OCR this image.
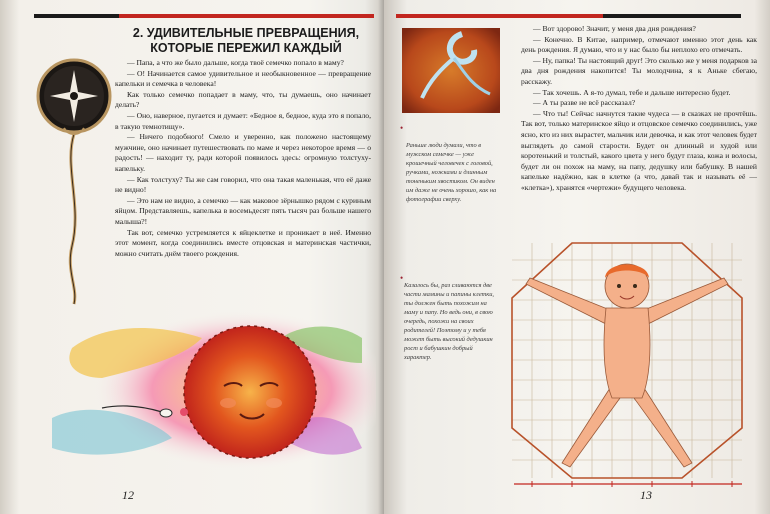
2. УДИВИТЕЛЬНЫЕ ПРЕВРАЩЕНИЯ, КОТОРЫЕ ПЕРЕЖИЛ КАЖДЫЙ

— Папа, а что же было дальше, когда твоё семечко попало в маму?

— О! Начинается самое удивительное и необыкновенное — превращение капельки и семечка в человека!

Как только семечко попадает в маму, что, ты думаешь, оно начинает делать?

— Оно, наверное, пугается и думает: «Бедное я, бедное, куда это я попало, в такую темнотищу».

— Ничего подобного! Смело и уверенно, как положено настоящему мужчине, оно начинает путешествовать по маме и через некоторое время — о радость! — находит ту, ради которой появилось здесь: огромную толстуху-капельку.

— Как толстуху? Ты же сам говорил, что она такая маленькая, что её даже не видно!

— Это нам не видно, а семечко — как маковое зёрнышко рядом с куриным яйцом. Представляешь, капелька в восемьдесят пять тысяч раз больше нашего малыша?!

Так вот, семечко устремляется к яйцеклетке и проникает в неё. Именно этот момент, когда соединились вместе отцовская и материнская частички, можно считать днём твоего рождения.

12
•
Раньше люди думали, что в мужском семечке — уже крошечный человечек с головой, ручками, ножками и длинным тоненьким хвостиком. Он виден им даже не очень хорошо, как на фотографии сверху.
•
Казалось бы, раз сливаются две части мамины и папины клетки, ты должен быть похожим на маму и папу. Но ведь они, в свою очередь, похожи на своих родителей! Поэтому и у тебя может быть высокий дедушкин рост и бабушкин добрый характер.

— Вот здорово! Значит, у меня два дня рождения?

— Конечно. В Китае, например, отмечают именно этот день как день рождения. Я думаю, что и у нас было бы неплохо его отмечать.

— Ну, папка! Ты настоящий друг! Это сколько же у меня подарков за два дня рождения накопится! Ты молодчина, я к Аньке сбегаю, расскажу.

— Так хочешь. А я-то думал, тебе и дальше интересно будет.

— А ты разве не всё рассказал?

— Что ты! Сейчас начнутся такие чудеса — в сказках не прочтёшь. Так вот, только материнское яйцо и отцовское семечко соединились, уже ясно, кто из них вырастет, мальчик или девочка, и как этот человек будет выглядеть до самой старости. Будет он длинный и худой или коротенький и толстый, какого цвета у него будут глаза, кожа и волосы, будет ли он похож на маму, на папу, дедушку или бабушку. В нашей капельке надёжно, как в клетке (а что, давай так и называть её — «клетка»), хранятся «чертежи» будущего человека.

13
